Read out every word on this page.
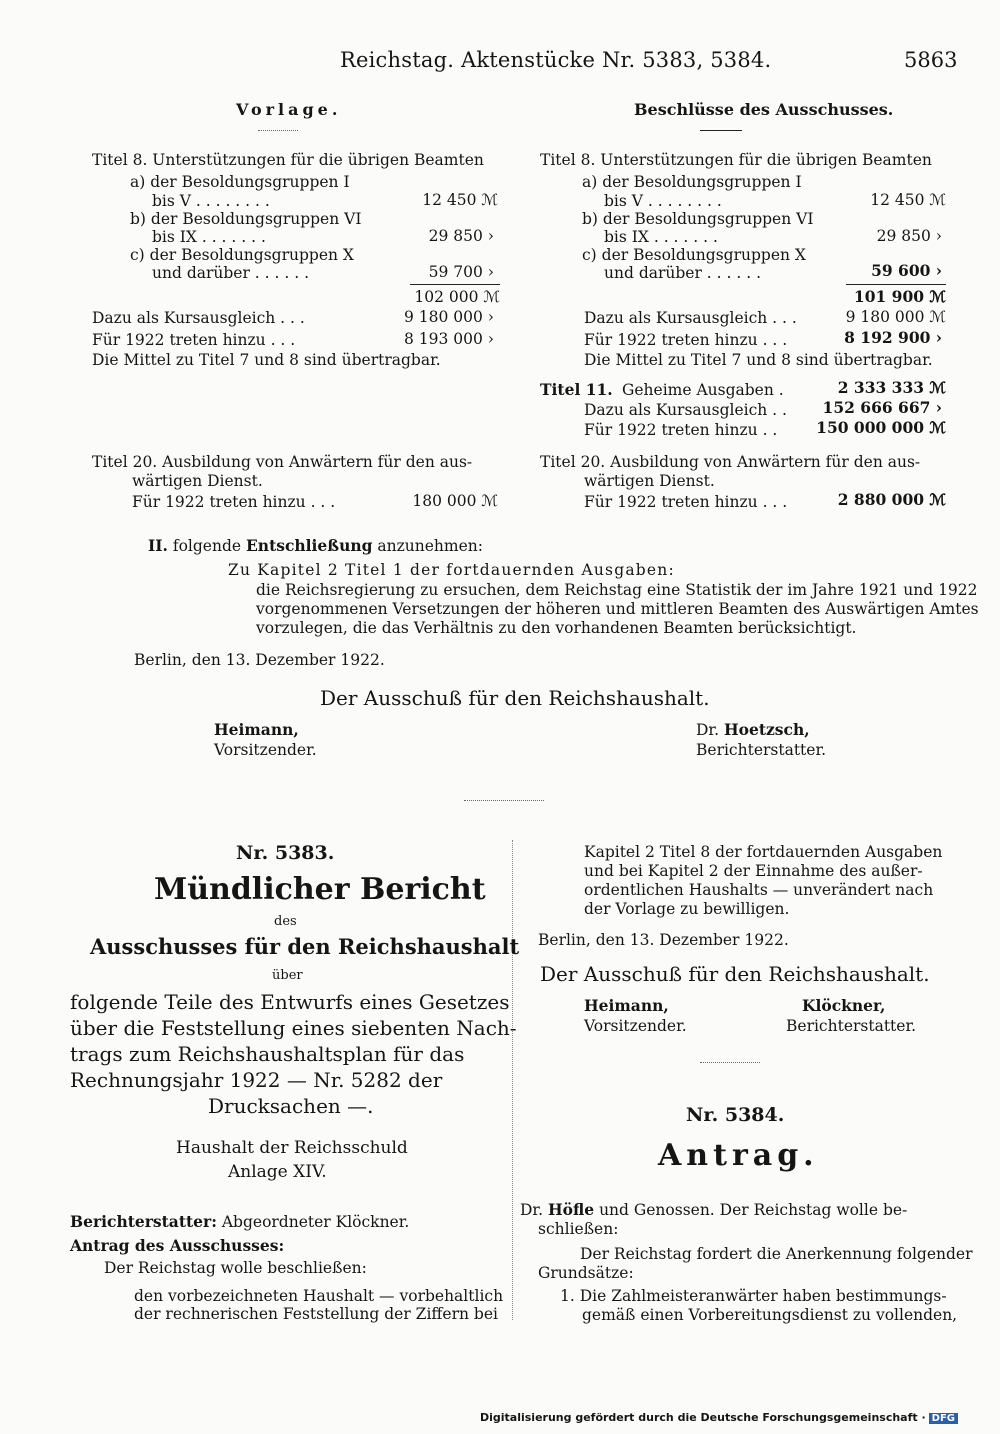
Reichstag. Aktenstücke Nr. 5383, 5384.	5863
Vorlage.
Titel 8. Unterstützungen für die übrigen Beamten
a) der Besoldungsgruppen I
bis V . . . . . . . .	12 450 ℳ
b) der Besoldungsgruppen VI
bis IX . . . . . . .	29 850 ›
c) der Besoldungsgruppen X
und darüber . . . . . .	59 700 ›
102 000 ℳ
Dazu als Kursausgleich . . .	9 180 000 ›
Für 1922 treten hinzu . . .	8 193 000 ›
Die Mittel zu Titel 7 und 8 sind übertragbar.
Titel 20. Ausbildung von Anwärtern für den aus-
wärtigen Dienst.
Für 1922 treten hinzu . . .	180 000 ℳ
Beschlüsse des Ausschusses.
Titel 8. Unterstützungen für die übrigen Beamten
a) der Besoldungsgruppen I
bis V . . . . . . . .	12 450 ℳ
b) der Besoldungsgruppen VI
bis IX . . . . . . .	29 850 ›
c) der Besoldungsgruppen X
und darüber . . . . . .	59 600 ›
101 900 ℳ
Dazu als Kursausgleich . . .	9 180 000 ℳ
Für 1922 treten hinzu . . .	8 192 900 ›
Die Mittel zu Titel 7 und 8 sind übertragbar.
Titel 11. Geheime Ausgaben .	2 333 333 ℳ
Dazu als Kursausgleich . . 152 666 667 ›
Für 1922 treten hinzu . .	150 000 000 ℳ
Titel 20. Ausbildung von Anwärtern für den aus-
wärtigen Dienst.
Für 1922 treten hinzu . . .	2 880 000 ℳ
II. folgende Entschließung anzunehmen:
Zu Kapitel 2 Titel 1 der fortdauernden Ausgaben:
die Reichsregierung zu ersuchen, dem Reichstag eine Statistik der im Jahre 1921 und 1922
vorgenommenen Versetzungen der höheren und mittleren Beamten des Auswärtigen Amtes
vorzulegen, die das Verhältnis zu den vorhandenen Beamten berücksichtigt.
Berlin, den 13. Dezember 1922.
Der Ausschuß für den Reichshaushalt.
Heimann,
Vorsitzender.
Dr. Hoetzsch,
Berichterstatter.
Nr. 5383.
Mündlicher Bericht
des
Ausschusses für den Reichshaushalt
über
folgende Teile des Entwurfs eines Gesetzes
über die Feststellung eines siebenten Nach-
trags zum Reichshaushaltsplan für das
Rechnungsjahr 1922 — Nr. 5282 der
Drucksachen —.
Haushalt der Reichsschuld
Anlage XIV.
Berichterstatter: Abgeordneter Klöckner.
Antrag des Ausschusses:
Der Reichstag wolle beschließen:
den vorbezeichneten Haushalt — vorbehaltlich
der rechnerischen Feststellung der Ziffern bei
Kapitel 2 Titel 8 der fortdauernden Ausgaben
und bei Kapitel 2 der Einnahme des außer-
ordentlichen Haushalts — unverändert nach
der Vorlage zu bewilligen.
Berlin, den 13. Dezember 1922.
Der Ausschuß für den Reichshaushalt.
Heimann,
Vorsitzender.
Klöckner,
Berichterstatter.
Nr. 5384.
Antrag.
Dr. Höfle und Genossen. Der Reichstag wolle be-
schließen:
Der Reichstag fordert die Anerkennung folgender
Grundsätze:
1. Die Zahlmeisteranwärter haben bestimmungs-
gemäß einen Vorbereitungsdienst zu vollenden,
Digitalisierung gefördert durch die Deutsche Forschungsgemeinschaft · DFG
